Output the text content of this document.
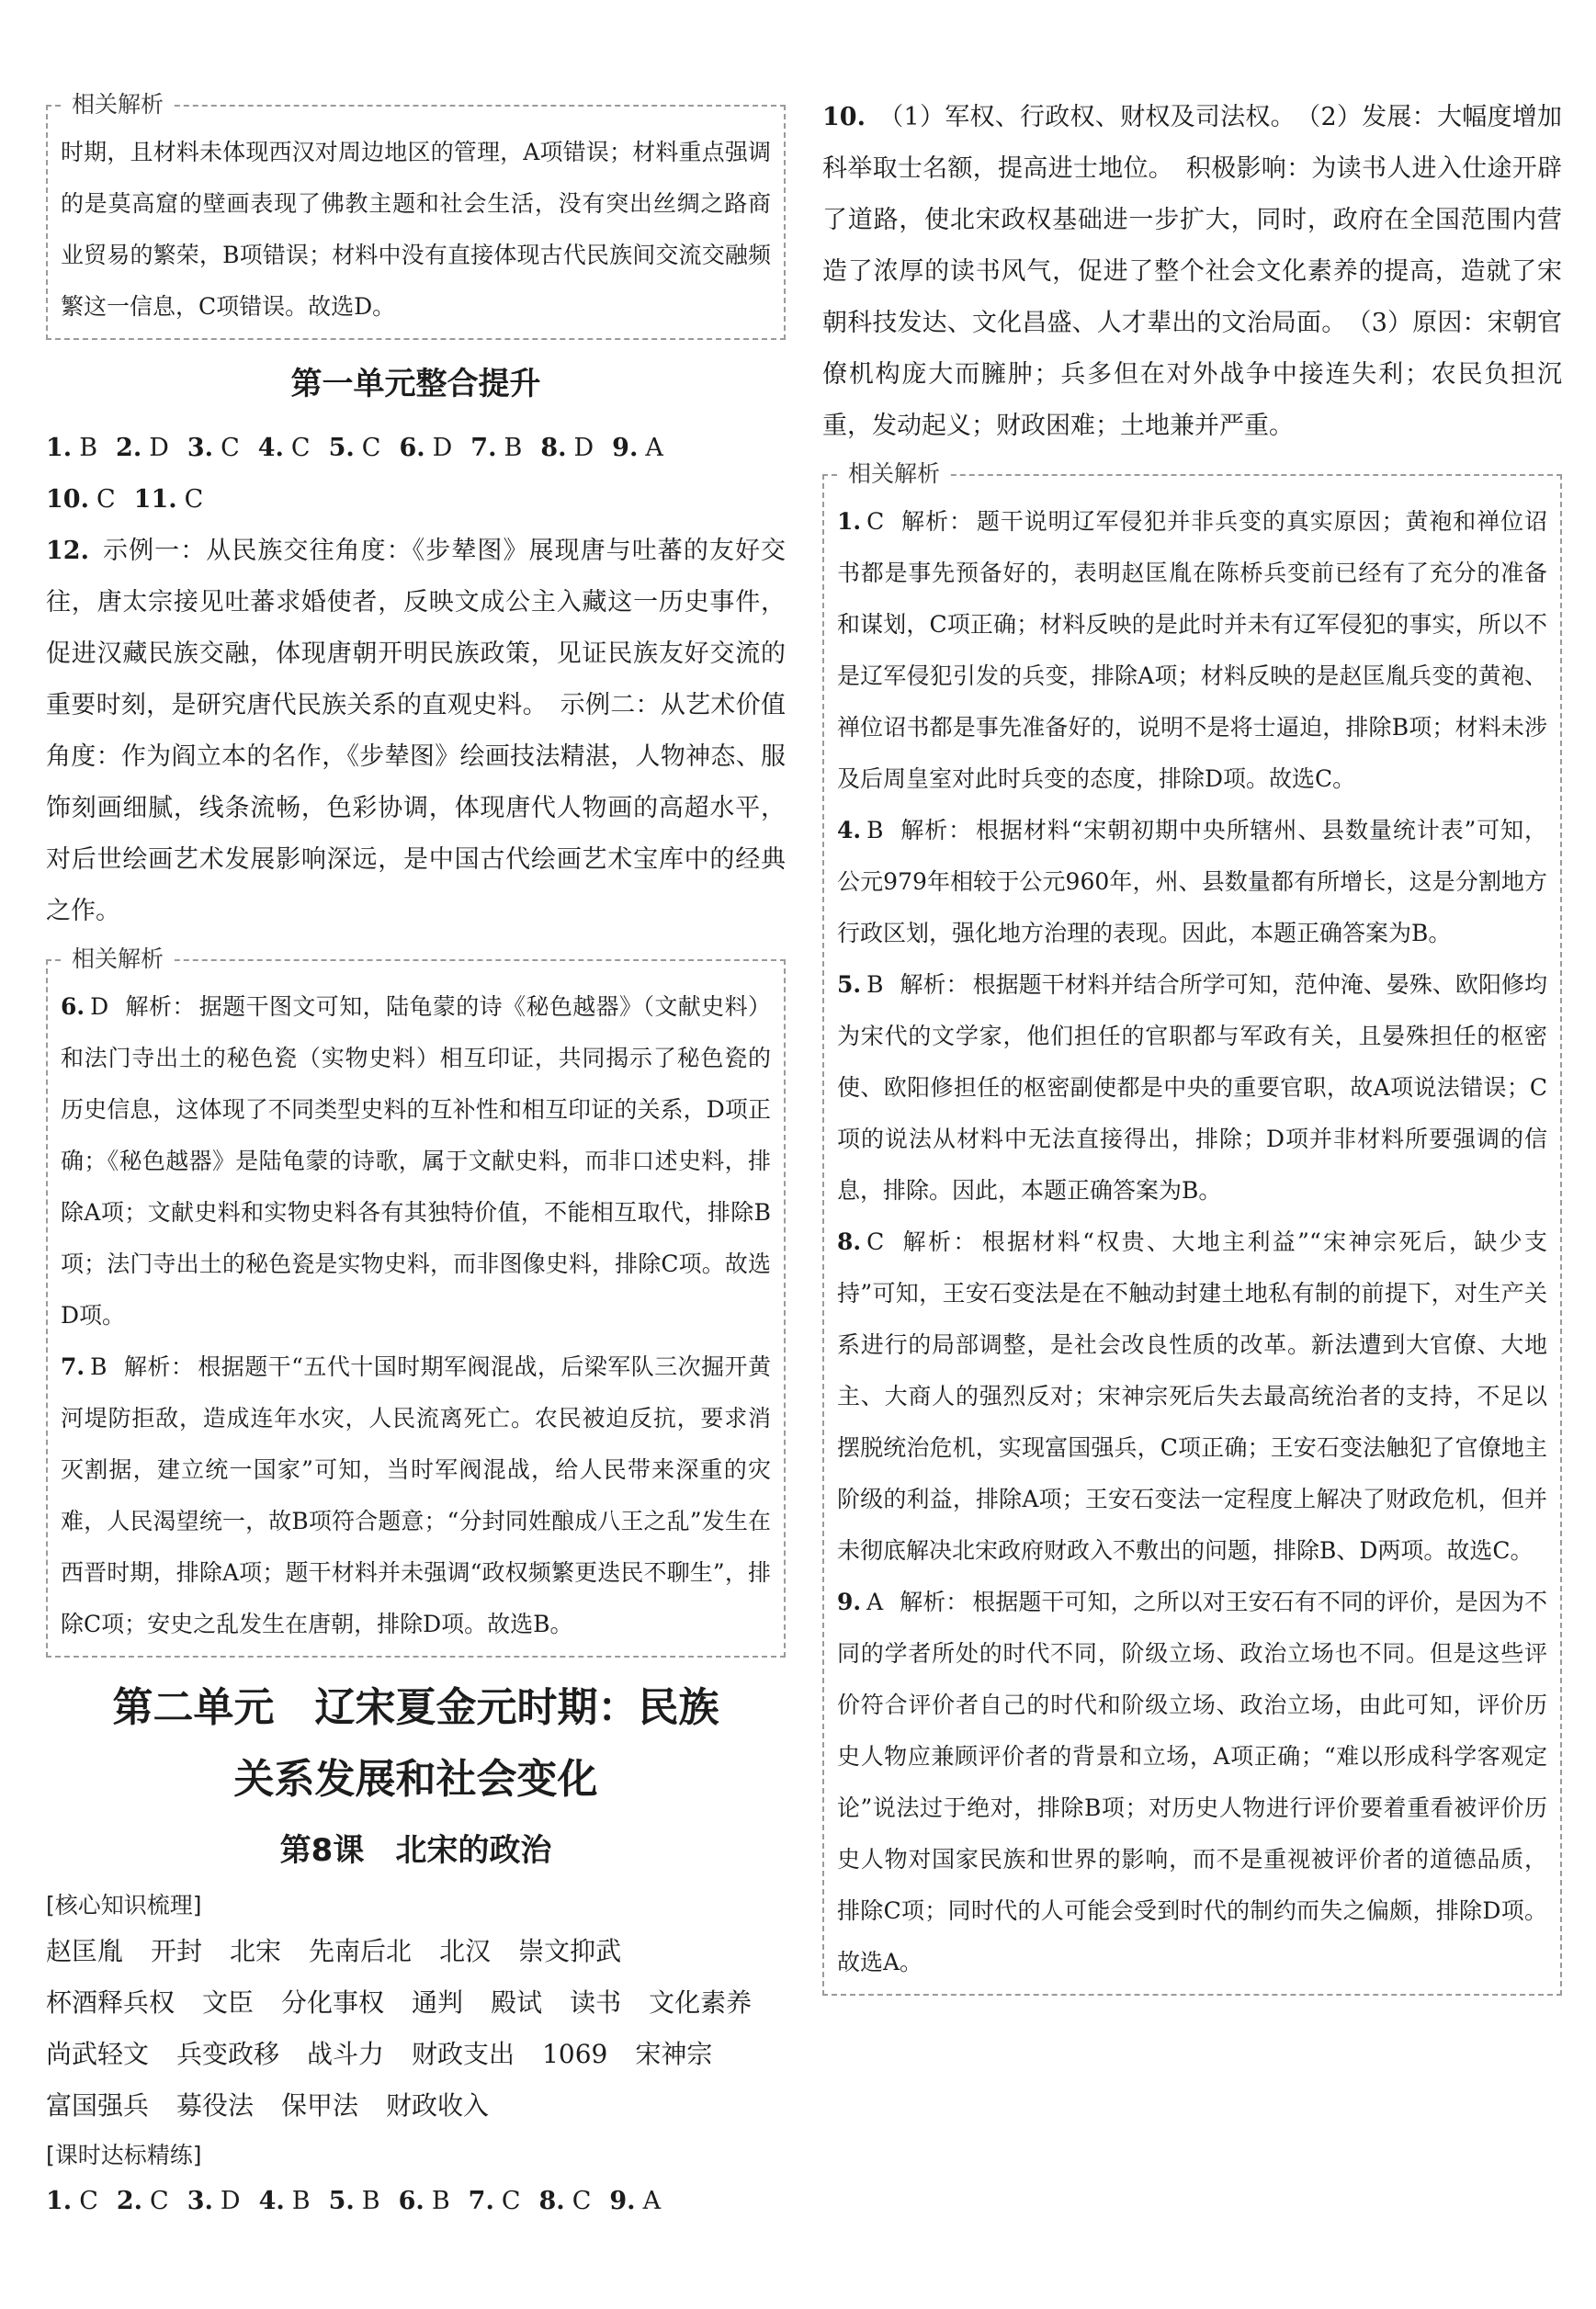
相关解析

时期，且材料未体现西汉对周边地区的管理，A项错误；材料重点强调的是莫高窟的壁画表现了佛教主题和社会生活，没有突出丝绸之路商业贸易的繁荣，B项错误；材料中没有直接体现古代民族间交流交融频繁这一信息，C项错误。故选D。

第一单元整合提升
1. B 2. D 3. C 4. C 5. C 6. D 7. B 8. D 9. A
10. C 11. C

12. 示例一：从民族交往角度：《步辇图》展现唐与吐蕃的友好交往，唐太宗接见吐蕃求婚使者，反映文成公主入藏这一历史事件，促进汉藏民族交融，体现唐朝开明民族政策，见证民族友好交流的重要时刻，是研究唐代民族关系的直观史料。　示例二：从艺术价值角度：作为阎立本的名作，《步辇图》绘画技法精湛，人物神态、服饰刻画细腻，线条流畅，色彩协调，体现唐代人物画的高超水平，对后世绘画艺术发展影响深远，是中国古代绘画艺术宝库中的经典之作。

相关解析

6. D 解析： 据题干图文可知，陆龟蒙的诗《秘色越器》（文献史料）和法门寺出土的秘色瓷（实物史料）相互印证，共同揭示了秘色瓷的历史信息，这体现了不同类型史料的互补性和相互印证的关系，D项正确；《秘色越器》是陆龟蒙的诗歌，属于文献史料，而非口述史料，排除A项；文献史料和实物史料各有其独特价值，不能相互取代，排除B项；法门寺出土的秘色瓷是实物史料，而非图像史料，排除C项。故选D项。

7. B 解析： 根据题干“五代十国时期军阀混战，后梁军队三次掘开黄河堤防拒敌，造成连年水灾，人民流离死亡。农民被迫反抗，要求消灭割据，建立统一国家”可知，当时军阀混战，给人民带来深重的灾难，人民渴望统一，故B项符合题意；“分封同姓酿成八王之乱”发生在西晋时期，排除A项；题干材料并未强调“政权频繁更迭民不聊生”，排除C项；安史之乱发生在唐朝，排除D项。故选B。

第二单元　辽宋夏金元时期：民族
关系发展和社会变化
第8课　北宋的政治
[核心知识梳理]
赵匡胤 开封 北宋 先南后北 北汉 崇文抑武杯酒释兵权 文臣 分化事权 通判 殿试 读书 文化素养尚武轻文 兵变政移 战斗力 财政支出 1069 宋神宗富国强兵 募役法 保甲法 财政收入
[课时达标精练]
1. C 2. C 3. D 4. B 5. B 6. B 7. C 8. C 9. A

10. （1）军权、行政权、财权及司法权。　（2）发展：大幅度增加科举取士名额，提高进士地位。　积极影响：为读书人进入仕途开辟了道路，使北宋政权基础进一步扩大，同时，政府在全国范围内营造了浓厚的读书风气，促进了整个社会文化素养的提高，造就了宋朝科技发达、文化昌盛、人才辈出的文治局面。　（3）原因：宋朝官僚机构庞大而臃肿；兵多但在对外战争中接连失利；农民负担沉重，发动起义；财政困难；土地兼并严重。

相关解析

1. C 解析： 题干说明辽军侵犯并非兵变的真实原因；黄袍和禅位诏书都是事先预备好的，表明赵匡胤在陈桥兵变前已经有了充分的准备和谋划，C项正确；材料反映的是此时并未有辽军侵犯的事实，所以不是辽军侵犯引发的兵变，排除A项；材料反映的是赵匡胤兵变的黄袍、禅位诏书都是事先准备好的，说明不是将士逼迫，排除B项；材料未涉及后周皇室对此时兵变的态度，排除D项。故选C。

4. B 解析： 根据材料“宋朝初期中央所辖州、县数量统计表”可知，公元979年相较于公元960年，州、县数量都有所增长，这是分割地方行政区划，强化地方治理的表现。因此，本题正确答案为B。

5. B 解析： 根据题干材料并结合所学可知，范仲淹、晏殊、欧阳修均为宋代的文学家，他们担任的官职都与军政有关，且晏殊担任的枢密使、欧阳修担任的枢密副使都是中央的重要官职，故A项说法错误；C项的说法从材料中无法直接得出，排除；D项并非材料所要强调的信息，排除。因此，本题正确答案为B。

8. C 解析： 根据材料“权贵、大地主利益”“宋神宗死后，缺少支持”可知，王安石变法是在不触动封建土地私有制的前提下，对生产关系进行的局部调整，是社会改良性质的改革。新法遭到大官僚、大地主、大商人的强烈反对；宋神宗死后失去最高统治者的支持，不足以摆脱统治危机，实现富国强兵，C项正确；王安石变法触犯了官僚地主阶级的利益，排除A项；王安石变法一定程度上解决了财政危机，但并未彻底解决北宋政府财政入不敷出的问题，排除B、D两项。故选C。

9. A 解析： 根据题干可知，之所以对王安石有不同的评价，是因为不同的学者所处的时代不同，阶级立场、政治立场也不同。但是这些评价符合评价者自己的时代和阶级立场、政治立场，由此可知，评价历史人物应兼顾评价者的背景和立场，A项正确；“难以形成科学客观定论”说法过于绝对，排除B项；对历史人物进行评价要着重看被评价历史人物对国家民族和世界的影响，而不是重视被评价者的道德品质，排除C项；同时代的人可能会受到时代的制约而失之偏颇，排除D项。故选A。
